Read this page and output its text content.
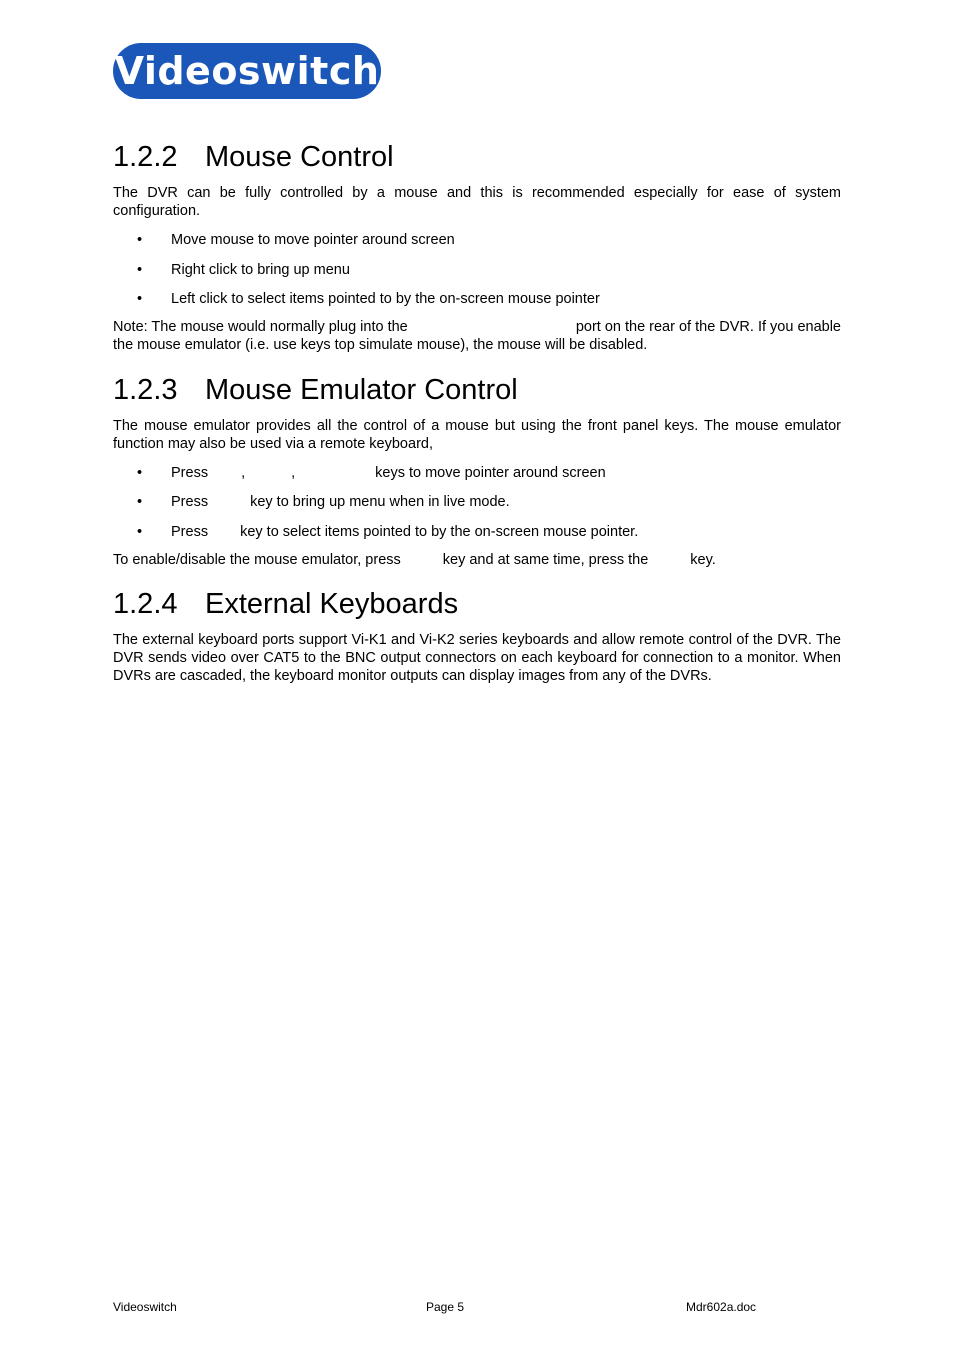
Videoswitch
1.2.2 Mouse Control

The DVR can be fully controlled by a mouse and this is recommended especially for ease of system configuration.

• Move mouse to move pointer around screen
• Right click to bring up menu
• Left click to select items pointed to by the on-screen mouse pointer
Note: The mouse would normally plug into the	port on the rear of the DVR. If you enable
the mouse emulator (i.e. use keys top simulate mouse), the mouse will be disabled.
1.2.3 Mouse Emulator Control

The mouse emulator provides all the control of a mouse but using the front panel keys. The mouse emulator function may also be used via a remote keyboard,

• Press ,	,	keys to move pointer around screen
• Press	key to bring up menu when in live mode.
• Press key to select items pointed to by the on-screen mouse pointer.
To enable/disable the mouse emulator, press	key and at same time, press the	key.
1.2.4 External Keyboards

The external keyboard ports support Vi-K1 and Vi-K2 series keyboards and allow remote control of the DVR. The DVR sends video over CAT5 to the BNC output connectors on each keyboard for connection to a monitor. When DVRs are cascaded, the keyboard monitor outputs can display images from any of the DVRs.

Videoswitch	Page 5	Mdr602a.doc
